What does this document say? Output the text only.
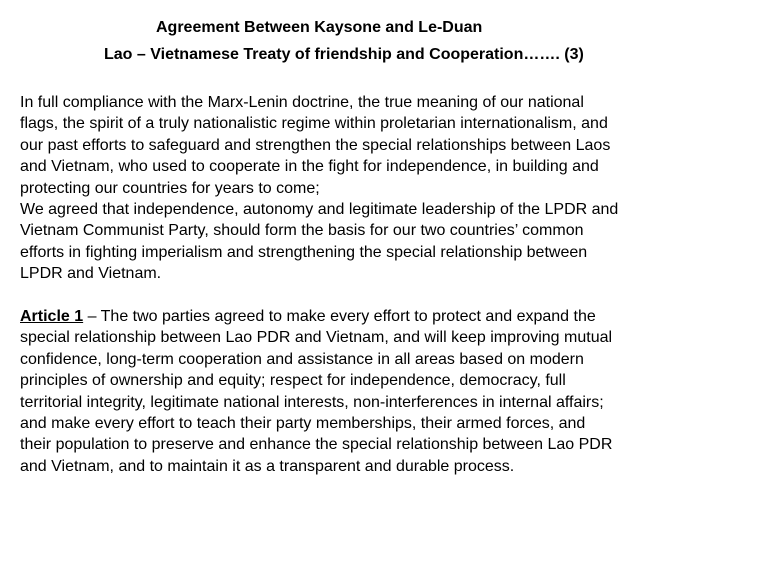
Agreement Between Kaysone and Le-Duan
Lao – Vietnamese Treaty of friendship and Cooperation……. (3)
In full compliance with the Marx-Lenin doctrine, the true meaning of our national
flags, the spirit of a truly nationalistic regime within proletarian internationalism, and
our past efforts to safeguard and strengthen the special relationships between Laos
and Vietnam, who used to cooperate in the fight for independence, in building and
protecting our countries for years to come;
We agreed that independence, autonomy and legitimate leadership of the LPDR and
Vietnam Communist Party, should form the basis for our two countries’ common
efforts in fighting imperialism and strengthening the special relationship between
LPDR and Vietnam.
Article 1 – The two parties agreed to make every effort to protect and expand the
special relationship between Lao PDR and Vietnam, and will keep improving mutual
confidence, long-term cooperation and assistance in all areas based on modern
principles of ownership and equity; respect for independence, democracy, full
territorial integrity, legitimate national interests, non-interferences in internal affairs;
and make every effort to teach their party memberships, their armed forces, and
their population to preserve and enhance the special relationship between Lao PDR
and Vietnam, and to maintain it as a transparent and durable process.
